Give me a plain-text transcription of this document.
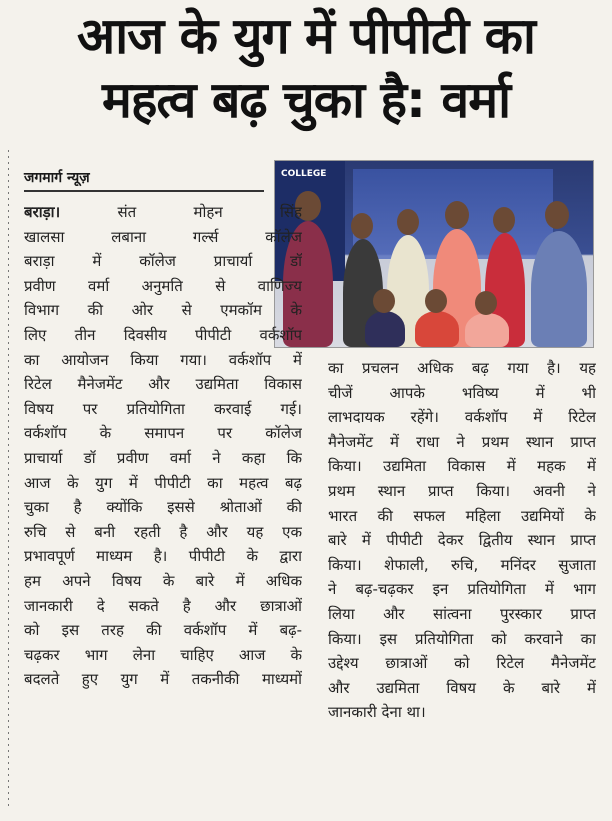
आज के युग में पीपीटी का
महत्व बढ़ चुका है: वर्मा
जगमार्ग न्यूज़	COLLEGE
बराड़ा।	संत मोहन सिंह
खालसा लबाना गर्ल्स कॉलेज
बराड़ा में कॉलेज प्राचार्या डॉ
प्रवीण वर्मा अनुमति से वाणिज्य
विभाग की ओर से एमकॉम के
लिए तीन दिवसीय पीपीटी वर्कशॉप
का आयोजन किया गया। वर्कशॉप में
रिटेल मैनेजमेंट और उद्यमिता विकास
विषय पर प्रतियोगिता करवाई गई।
वर्कशॉप के समापन पर कॉलेज
प्राचार्या डॉ प्रवीण वर्मा ने कहा कि
आज के युग में पीपीटी का महत्व बढ़
चुका है क्योंकि इससे श्रोताओं की
रुचि से बनी रहती है और यह एक
प्रभावपूर्ण माध्यम है। पीपीटी के द्वारा
हम अपने विषय के बारे में अधिक
जानकारी दे सकते है और छात्राओं
को इस तरह की वर्कशॉप में बढ़-
चढ़कर भाग लेना चाहिए आज के
बदलते हुए युग में तकनीकी माध्यमों
का प्रचलन अधिक बढ़ गया है। यह
चीजें आपके भविष्य में भी
लाभदायक रहेंगे। वर्कशॉप में रिटेल
मैनेजमेंट में राधा ने प्रथम स्थान प्राप्त
किया। उद्यमिता विकास में महक में
प्रथम स्थान प्राप्त किया। अवनी ने
भारत की सफल महिला उद्यमियों के
बारे में पीपीटी देकर द्वितीय स्थान प्राप्त
किया। शेफाली, रुचि, मनिंदर सुजाता
ने बढ़-चढ़कर इन प्रतियोगिता में भाग
लिया और सांत्वना पुरस्कार प्राप्त
किया। इस प्रतियोगिता को करवाने का
उद्देश्य छात्राओं को रिटेल मैनेजमेंट
और उद्यमिता विषय के बारे में
जानकारी देना था।
